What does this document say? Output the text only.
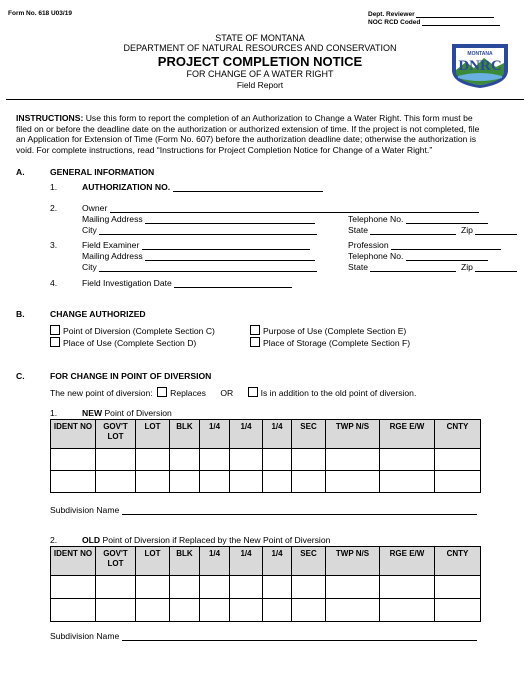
Form No. 618 U03/19	Dept. Reviewer
NOC RCD Coded
STATE OF MONTANA
DEPARTMENT OF NATURAL RESOURCES AND CONSERVATION
PROJECT COMPLETION NOTICE
FOR CHANGE OF A WATER RIGHT
Field Report
MONTANA
DNRC
INSTRUCTIONS: Use this form to report the completion of an Authorization to Change a Water Right. This form must be
filed on or before the deadline date on the authorization or authorized extension of time. If the project is not completed, file
an Application for Extension of Time (Form No. 607) before the authorization deadline date; otherwise the authorization is
void. For complete instructions, read “Instructions for Project Completion Notice for Change of a Water Right.”
A.	GENERAL INFORMATION
1.	AUTHORIZATION NO.
2.	Owner
Mailing Address	Telephone No.
City	State	Zip
3.	Field Examiner	Profession
Mailing Address	Telephone No.
City	State	Zip
4.	Field Investigation Date
B.	CHANGE AUTHORIZED
Point of Diversion (Complete Section C)
Place of Use (Complete Section D)
Purpose of Use (Complete Section E)
Place of Storage (Complete Section F)
C.	FOR CHANGE IN POINT OF DIVERSION
The new point of diversion: Replaces OR	Is in addition to the old point of diversion.
1.	NEW Point of Diversion
IDENT NO	GOV'T LOT	LOT	BLK	1/4	1/4	1/4	SEC	TWP N/S	RGE E/W	CNTY

Subdivision Name
2.	OLD Point of Diversion if Replaced by the New Point of Diversion
IDENT NO	GOV'T LOT	LOT	BLK	1/4	1/4	1/4	SEC	TWP N/S	RGE E/W	CNTY

Subdivision Name
